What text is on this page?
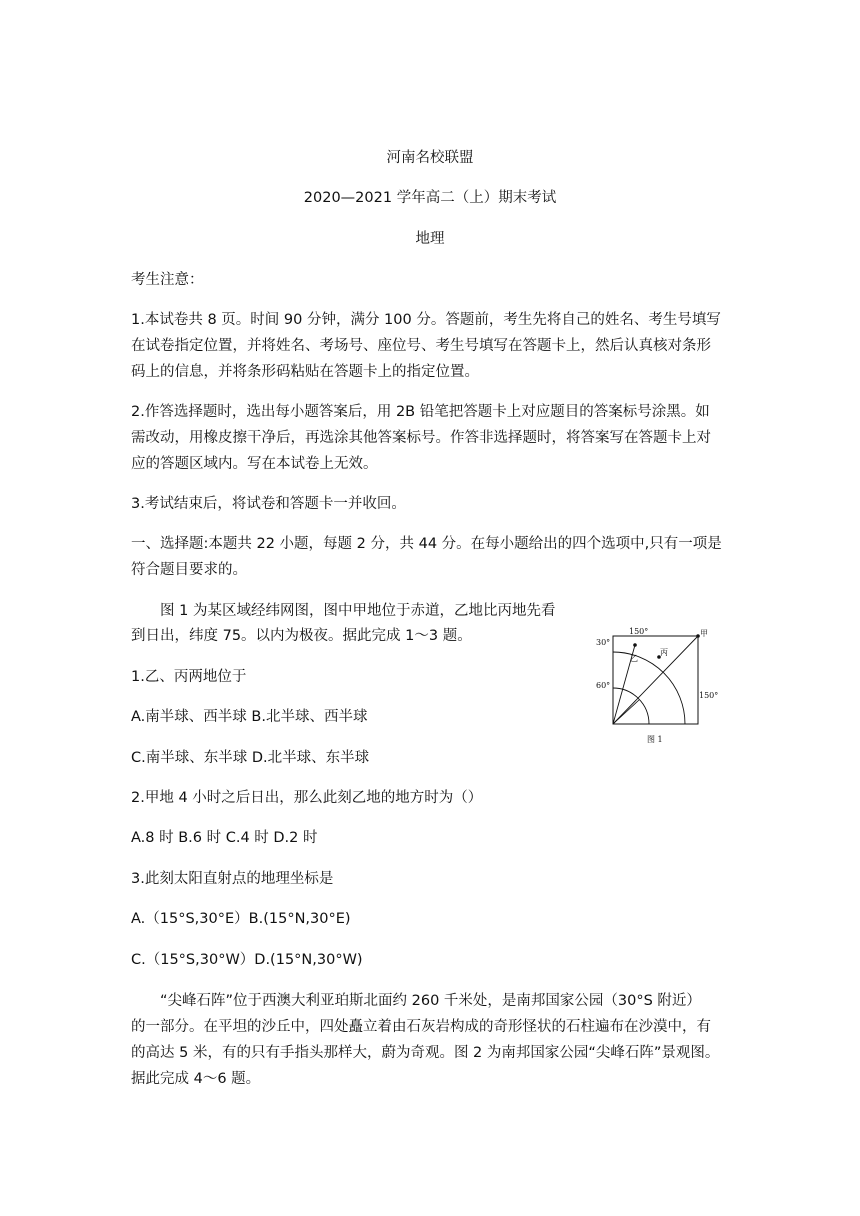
河南名校联盟
2020—2021 学年高二（上）期末考试
地理
考生注意：
1.本试卷共 8 页。时间 90 分钟，满分 100 分。答题前，考生先将自己的姓名、考生号填写
在试卷指定位置，并将姓名、考场号、座位号、考生号填写在答题卡上，然后认真核对条形
码上的信息，并将条形码粘贴在答题卡上的指定位置。
2.作答选择题时，选出每小题答案后，用 2B 铅笔把答题卡上对应题目的答案标号涂黑。如
需改动，用橡皮擦干净后，再选涂其他答案标号。作答非选择题时，将答案写在答题卡上对
应的答题区域内。写在本试卷上无效。
3.考试结束后，将试卷和答题卡一并收回。
一、选择题:本题共 22 小题，每题 2 分，共 44 分。在每小题给出的四个选项中,只有一项是
符合题目要求的。
图 1 为某区域经纬网图，图中甲地位于赤道，乙地比丙地先看
到日出，纬度 75。以内为极夜。据此完成 1～3 题。
1.乙、丙两地位于
A.南半球、西半球 B.北半球、西半球
C.南半球、东半球 D.北半球、东半球
2.甲地 4 小时之后日出，那么此刻乙地的地方时为（）
A.8 时 B.6 时 C.4 时 D.2 时
3.此刻太阳直射点的地理坐标是
A.（15°S,30°E）B.(15°N,30°E)
C.（15°S,30°W）D.(15°N,30°W)
30°
60°
150°
150°
甲
乙
丙
图 1
“尖峰石阵”位于西澳大利亚珀斯北面约 260 千米处，是南邦国家公园（30°S 附近）
的一部分。在平坦的沙丘中，四处矗立着由石灰岩构成的奇形怪状的石柱遍布在沙漠中，有
的高达 5 米，有的只有手指头那样大，蔚为奇观。图 2 为南邦国家公园“尖峰石阵”景观图。
据此完成 4～6 题。
